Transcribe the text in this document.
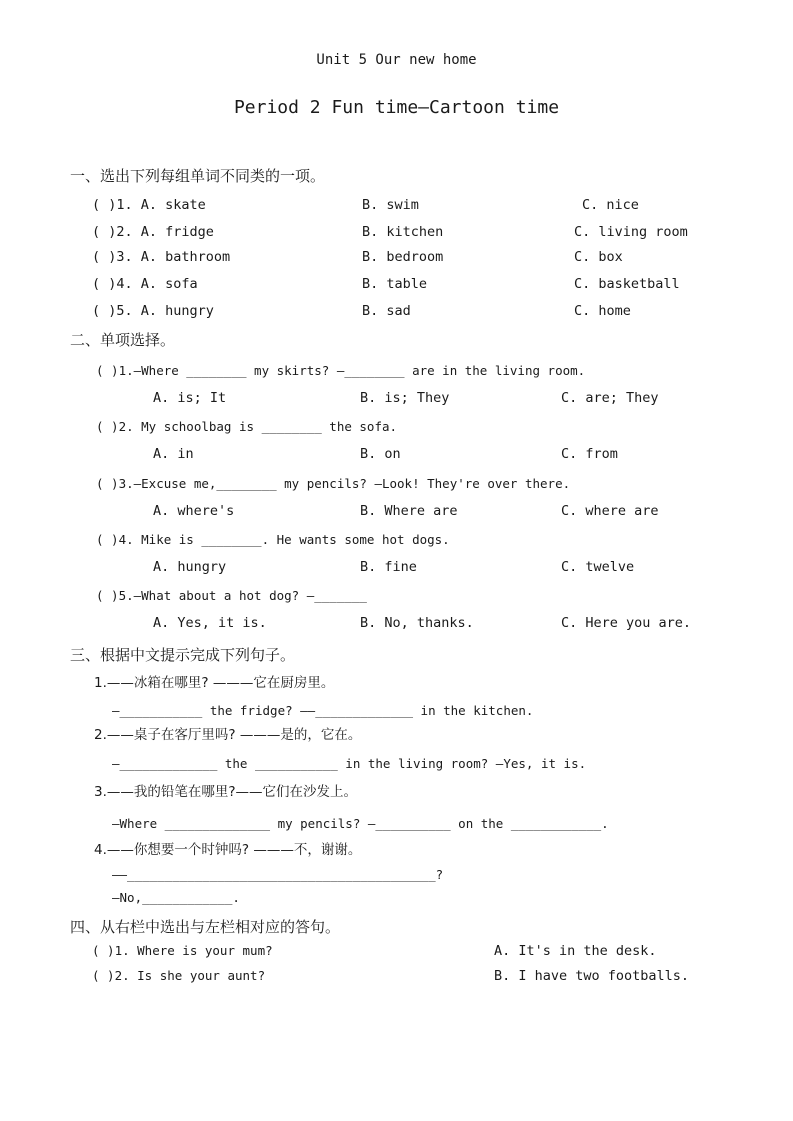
Unit 5 Our new home
Period 2 Fun time—Cartoon time
一、选出下列每组单词不同类的一项。
( )1. A. skate	B. swim	C. nice
( )2. A. fridge	B. kitchen	C. living room
( )3. A. bathroom	B. bedroom	C. box
( )4. A. sofa	B. table	C. basketball
( )5. A. hungry	B. sad	C. home
二、单项选择。
( )1.—Where ________ my skirts? —________ are in the living room.
A. is; It	B. is; They	C. are; They
( )2. My schoolbag is ________ the sofa.
A. in	B. on	C. from
( )3.—Excuse me,________ my pencils? —Look! They're over there.
A. where's	B. Where are	C. where are
( )4. Mike is ________. He wants some hot dogs.
A. hungry	B. fine	C. twelve
( )5.—What about a hot dog? —_______
A. Yes, it is.	B. No, thanks.	C. Here you are.
三、根据中文提示完成下列句子。
1.——冰箱在哪里? ———它在厨房里。
—___________ the fridge? ——_____________ in the kitchen.
2.——桌子在客厅里吗? ———是的，它在。
—_____________ the ___________ in the living room? —Yes, it is.
3.——我的铅笔在哪里?——它们在沙发上。
—Where ______________ my pencils? —__________ on the ____________.
4.——你想要一个时钟吗? ———不，谢谢。
——_________________________________________?
—No,____________.
四、从右栏中选出与左栏相对应的答句。
( )1. Where is your mum?	A. It's in the desk.
( )2. Is she your aunt?	B. I have two footballs.
